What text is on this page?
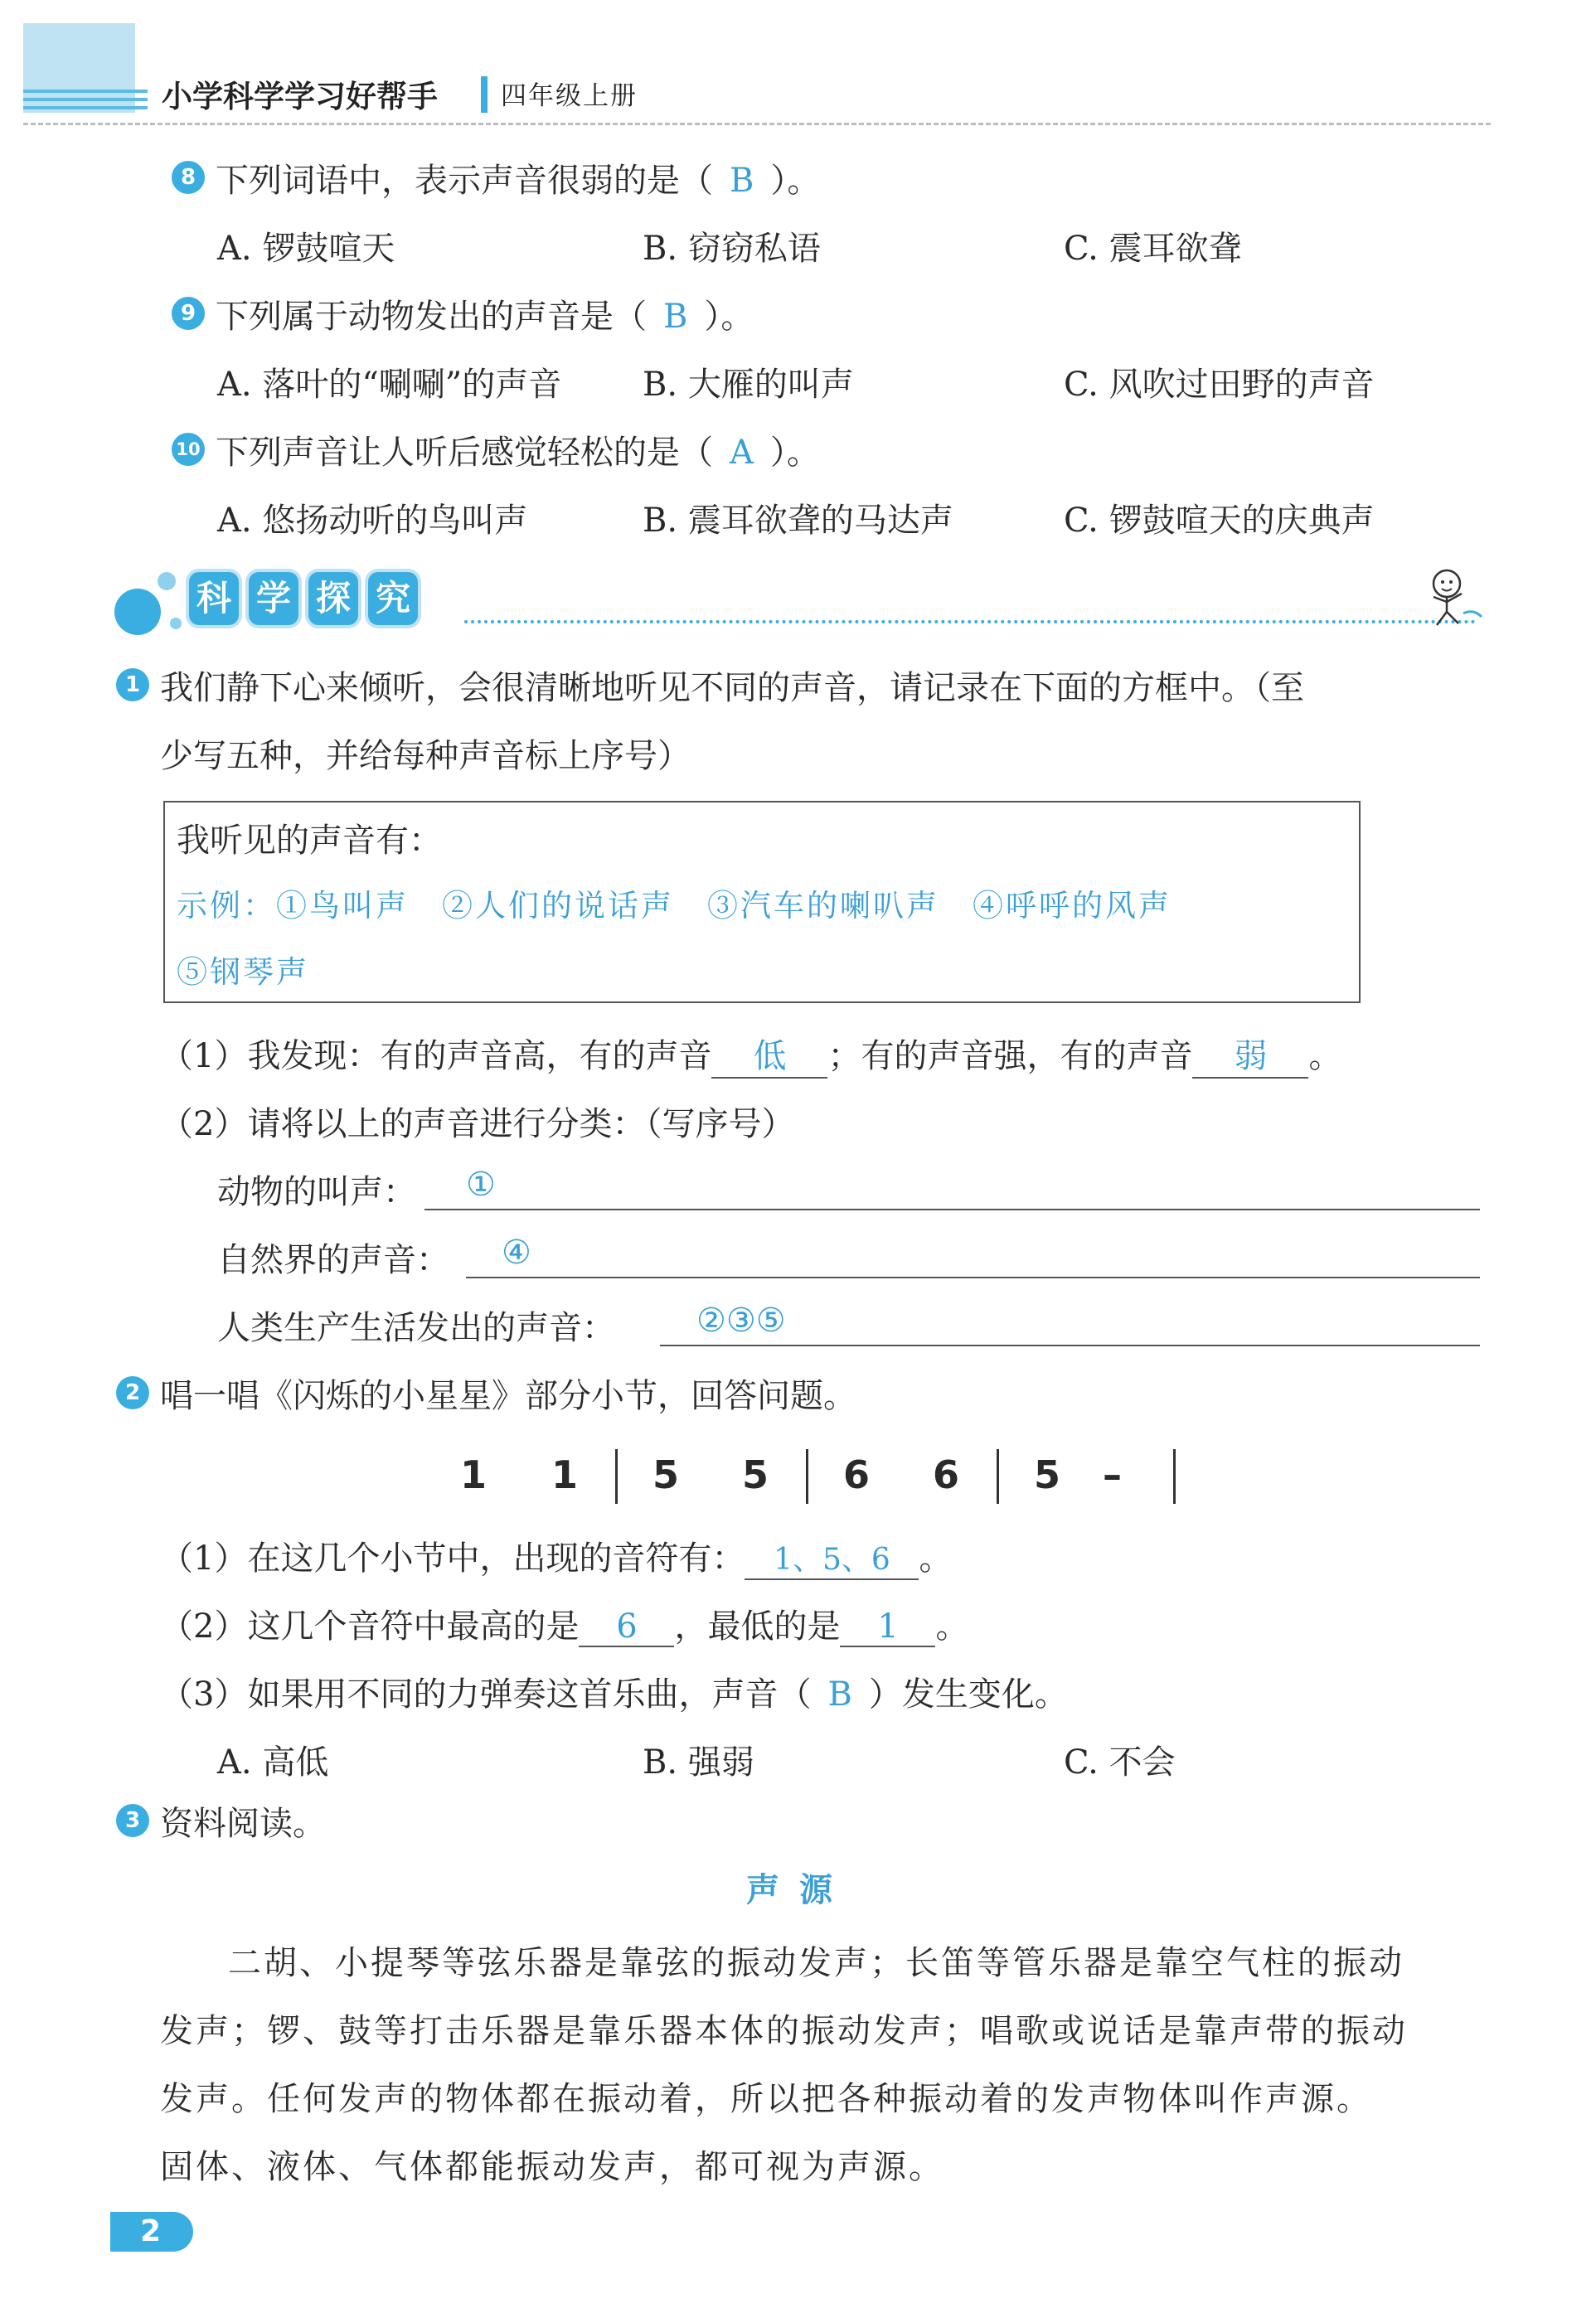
小学科学学习好帮手 四年级上册
8 下列词语中，表示声音很弱的是（ B ）。
A. 锣鼓喧天	B. 窃窃私语	C. 震耳欲聋
9 下列属于动物发出的声音是（ B ）。
A. 落叶的“唰唰”的声音 B. 大雁的叫声	C. 风吹过田野的声音
10 下列声音让人听后感觉轻松的是（ A ）。
A. 悠扬动听的鸟叫声	B. 震耳欲聋的马达声	C. 锣鼓喧天的庆典声
科 学 探 究
1 我们静下心来倾听，会很清晰地听见不同的声音，请记录在下面的方框中。（至
少写五种，并给每种声音标上序号）
我听见的声音有：
示例：①鸟叫声　②人们的说话声　③汽车的喇叭声　④呼呼的风声
⑤钢琴声
（1）我发现：有的声音高，有的声音 低 ；有的声音强，有的声音 弱 。
（2）请将以上的声音进行分类：（写序号）
动物的叫声： ①
自然界的声音： ④
人类生产生活发出的声音： ②③⑤
2 唱一唱《闪烁的小星星》部分小节，回答问题。
1 1 5 5 6 6 5 –
（1）在这几个小节中，出现的音符有： 1、5、6 。
（2）这几个音符中最高的是 6 ，最低的是 1 。
（3）如果用不同的力弹奏这首乐曲，声音（ B ）发生变化。
A. 高低	B. 强弱	C. 不会
3 资料阅读。
声源
二胡、小提琴等弦乐器是靠弦的振动发声；长笛等管乐器是靠空气柱的振动
发声；锣、鼓等打击乐器是靠乐器本体的振动发声；唱歌或说话是靠声带的振动
发声。任何发声的物体都在振动着，所以把各种振动着的发声物体叫作声源。
固体、液体、气体都能振动发声，都可视为声源。
2
